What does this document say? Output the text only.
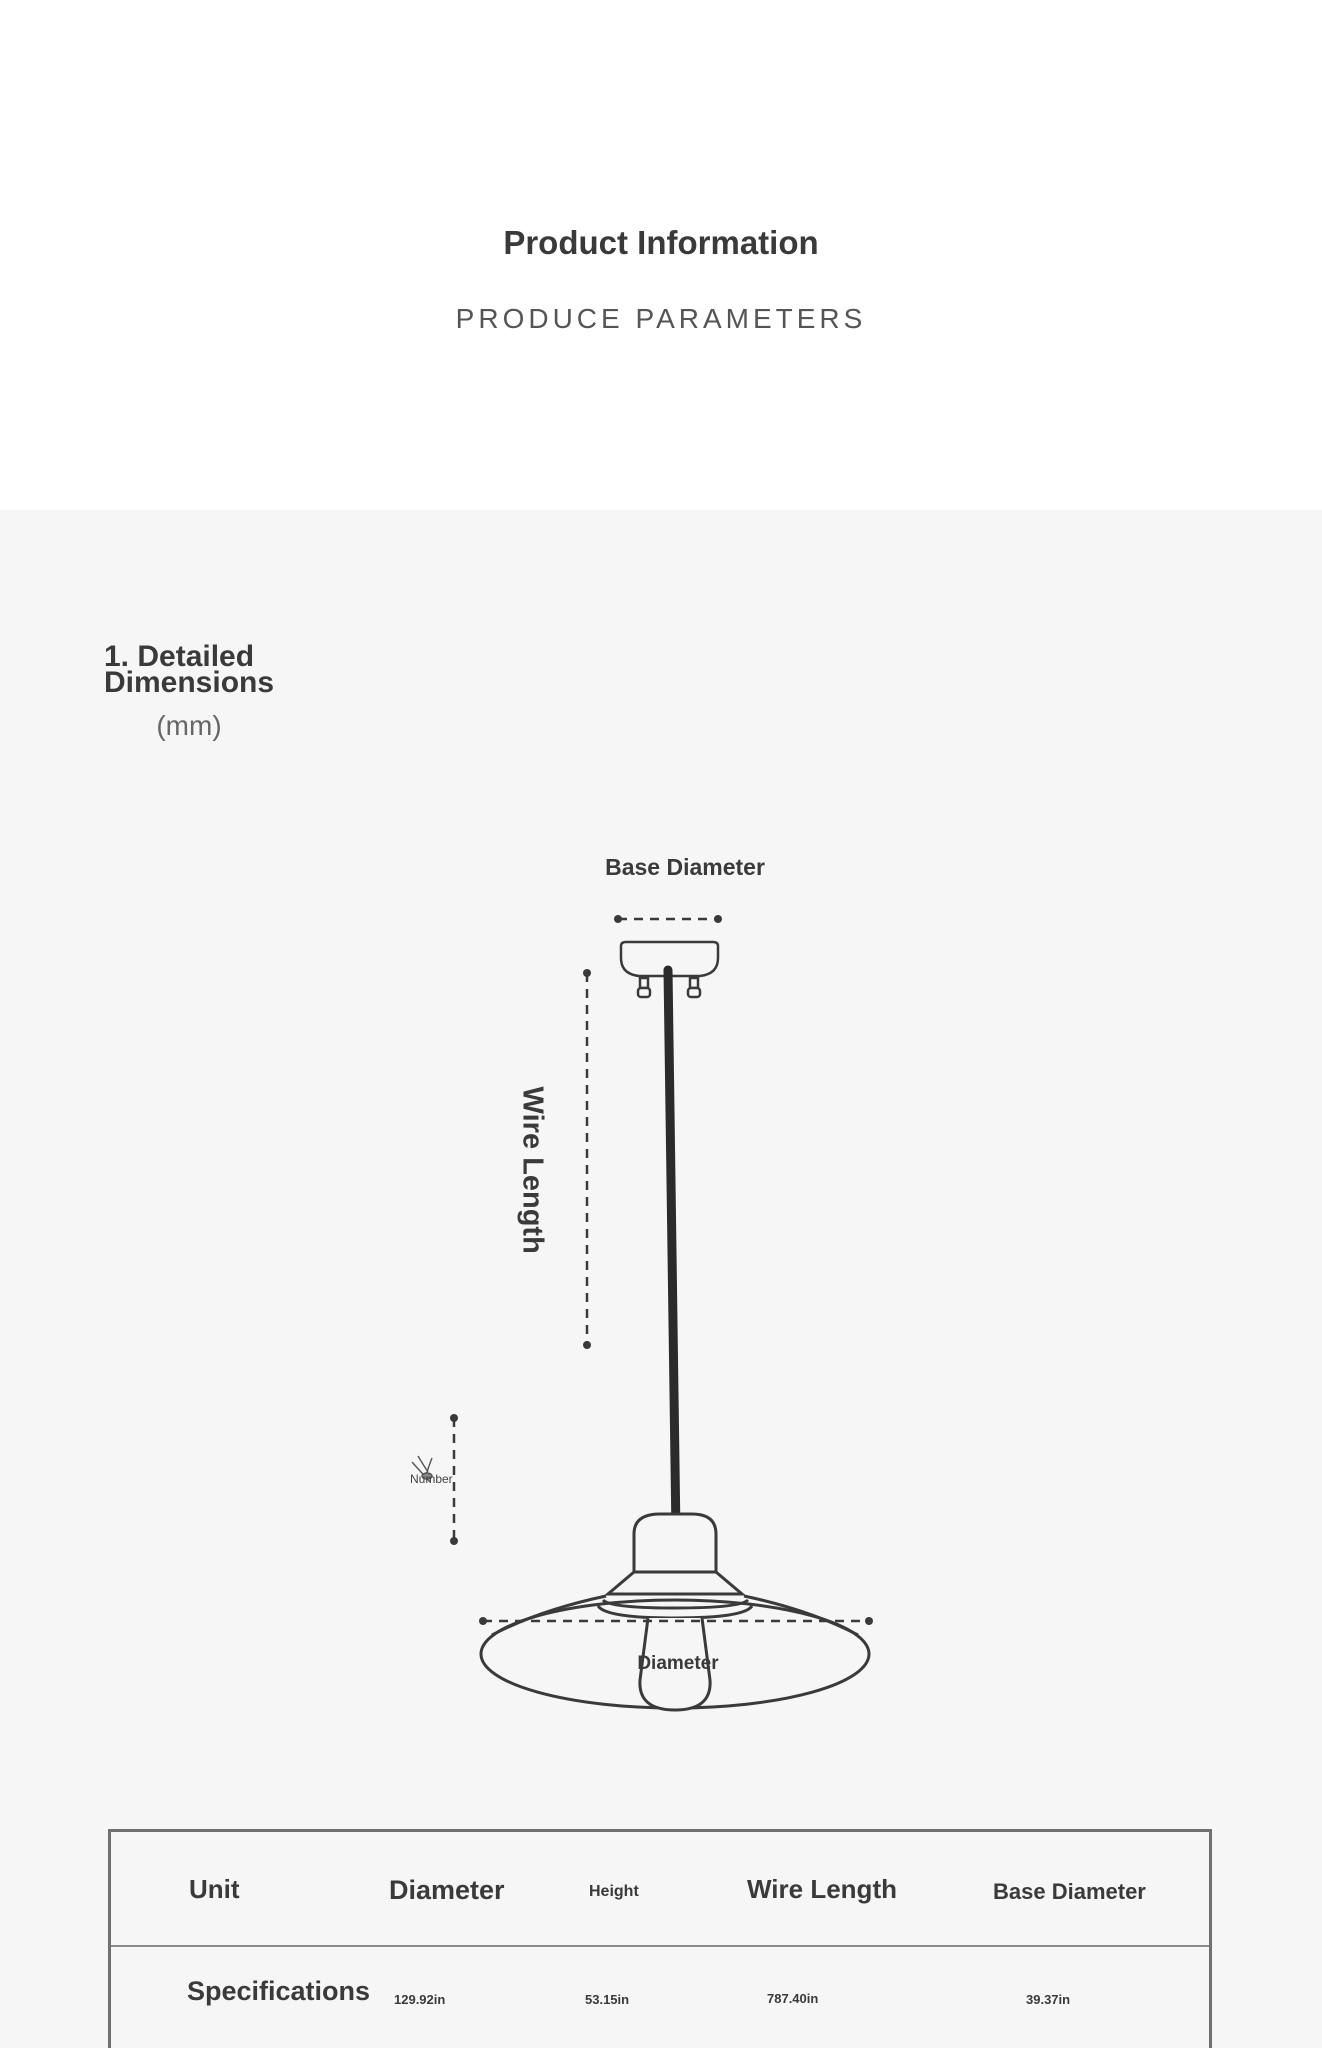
Product Information
PRODUCE PARAMETERS
1. Detailed Dimensions
(mm)
Base Diameter
Wire Length
Number
Diameter
Unit	Diameter	Height	Wire Length	Base Diameter
Specifications 129.92in	53.15in	787.40in	39.37in
